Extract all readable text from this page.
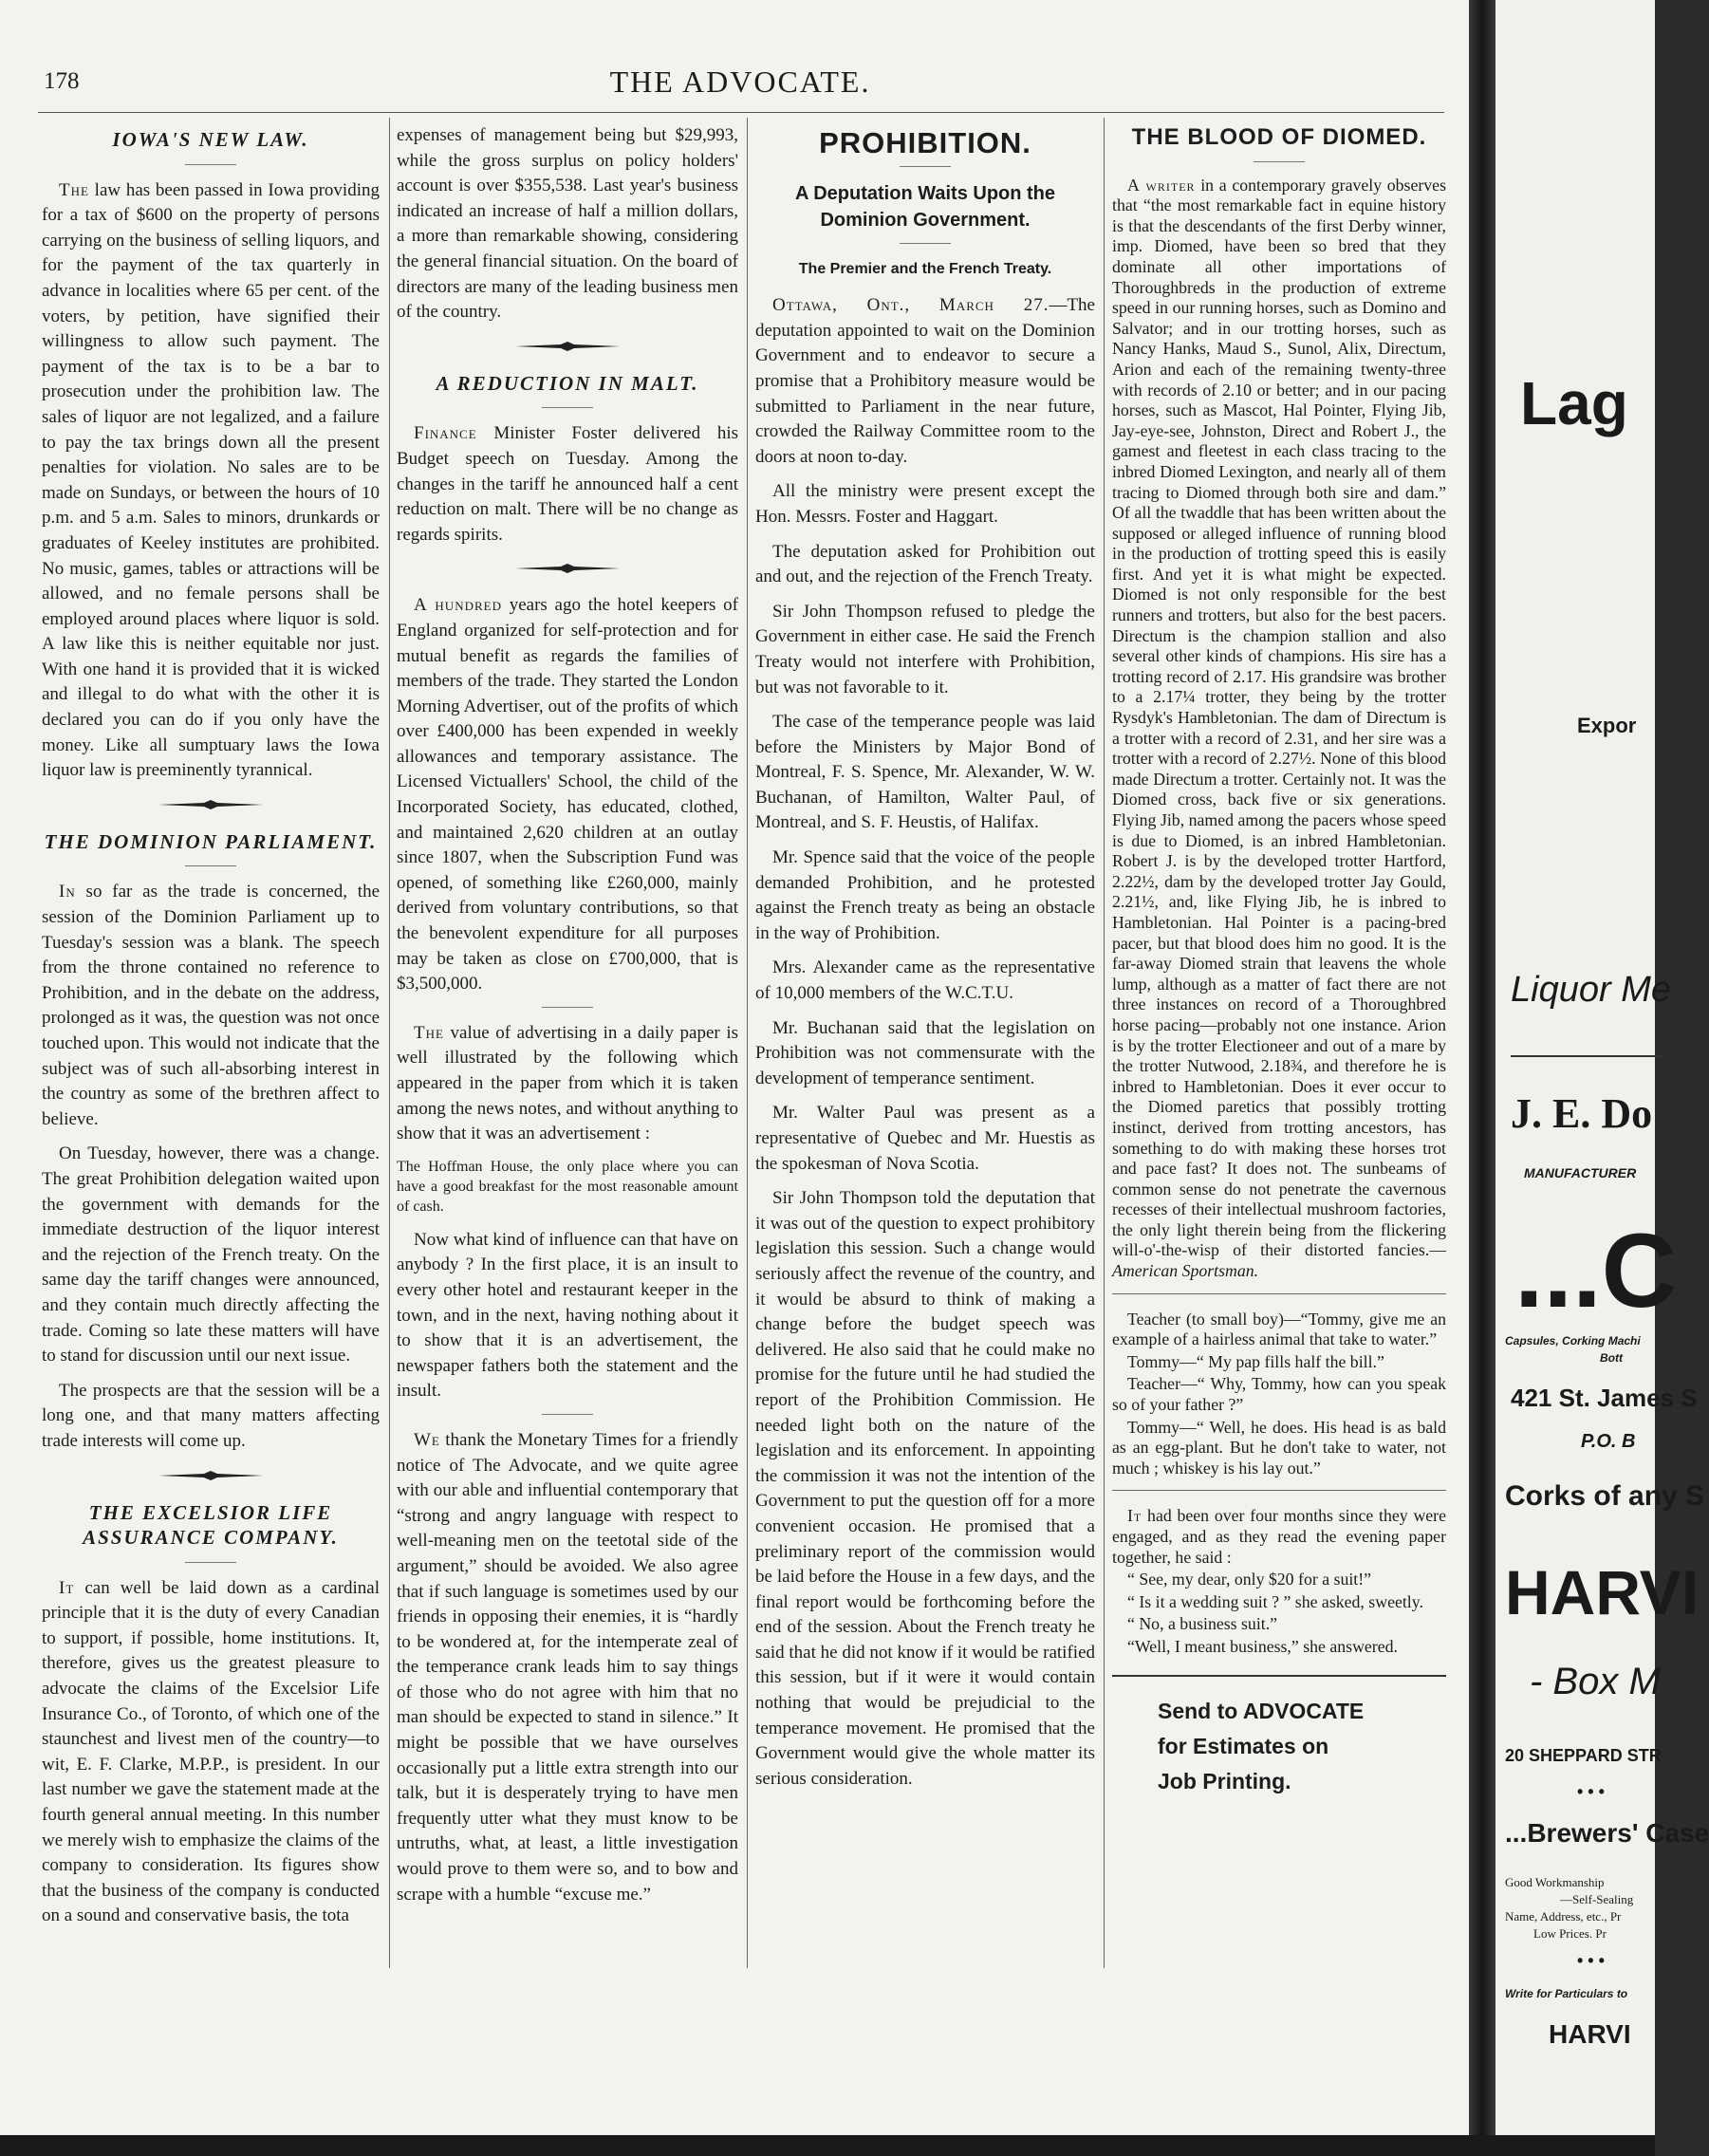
178	THE ADVOCATE.
IOWA'S NEW LAW.

The law has been passed in Iowa providing for a tax of $600 on the property of persons carrying on the business of selling liquors, and for the payment of the tax quarterly in advance in localities where 65 per cent. of the voters, by petition, have signified their willingness to allow such payment. The payment of the tax is to be a bar to prosecution under the prohibition law. The sales of liquor are not legalized, and a failure to pay the tax brings down all the present penalties for violation. No sales are to be made on Sundays, or between the hours of 10 p.m. and 5 a.m. Sales to minors, drunkards or graduates of Keeley institutes are prohibited. No music, games, tables or attractions will be allowed, and no female persons shall be employed around places where liquor is sold. A law like this is neither equitable nor just. With one hand it is provided that it is wicked and illegal to do what with the other it is declared you can do if you only have the money. Like all sumptuary laws the Iowa liquor law is preeminently tyrannical.

THE DOMINION PARLIAMENT.

In so far as the trade is concerned, the session of the Dominion Parliament up to Tuesday's session was a blank. The speech from the throne contained no reference to Prohibition, and in the debate on the address, prolonged as it was, the question was not once touched upon. This would not indicate that the subject was of such all-absorbing interest in the country as some of the brethren affect to believe.

On Tuesday, however, there was a change. The great Prohibition delegation waited upon the government with demands for the immediate destruction of the liquor interest and the rejection of the French treaty. On the same day the tariff changes were announced, and they contain much directly affecting the trade. Coming so late these matters will have to stand for discussion until our next issue.

The prospects are that the session will be a long one, and that many matters affecting trade interests will come up.

THE EXCELSIOR LIFE ASSURANCE COMPANY.

It can well be laid down as a cardinal principle that it is the duty of every Canadian to support, if possible, home institutions. It, therefore, gives us the greatest pleasure to advocate the claims of the Excelsior Life Insurance Co., of Toronto, of which one of the staunchest and livest men of the country—to wit, E. F. Clarke, M.P.P., is president. In our last number we gave the statement made at the fourth general annual meeting. In this number we merely wish to emphasize the claims of the company to consideration. Its figures show that the business of the company is conducted on a sound and conservative basis, the tota

expenses of management being but $29,993, while the gross surplus on policy holders' account is over $355,538. Last year's business indicated an increase of half a million dollars, a more than remarkable showing, considering the general financial situation. On the board of directors are many of the leading business men of the country.

A REDUCTION IN MALT.

Finance Minister Foster delivered his Budget speech on Tuesday. Among the changes in the tariff he announced half a cent reduction on malt. There will be no change as regards spirits.

A hundred years ago the hotel keepers of England organized for self-protection and for mutual benefit as regards the families of members of the trade. They started the London Morning Advertiser, out of the profits of which over £400,000 has been expended in weekly allowances and temporary assistance. The Licensed Victuallers' School, the child of the Incorporated Society, has educated, clothed, and maintained 2,620 children at an outlay since 1807, when the Subscription Fund was opened, of something like £260,000, mainly derived from voluntary contributions, so that the benevolent expenditure for all purposes may be taken as close on £700,000, that is $3,500,000.

The value of advertising in a daily paper is well illustrated by the following which appeared in the paper from which it is taken among the news notes, and without anything to show that it was an advertisement :

The Hoffman House, the only place where you can have a good breakfast for the most reasonable amount of cash.

Now what kind of influence can that have on anybody ? In the first place, it is an insult to every other hotel and restaurant keeper in the town, and in the next, having nothing about it to show that it is an advertisement, the newspaper fathers both the statement and the insult.

We thank the Monetary Times for a friendly notice of The Advocate, and we quite agree with our able and influential contemporary that “strong and angry language with respect to well-meaning men on the teetotal side of the argument,” should be avoided. We also agree that if such language is sometimes used by our friends in opposing their enemies, it is “hardly to be wondered at, for the intemperate zeal of the temperance crank leads him to say things of those who do not agree with him that no man should be expected to stand in silence.” It might be possible that we have ourselves occasionally put a little extra strength into our talk, but it is desperately trying to have men frequently utter what they must know to be untruths, what, at least, a little investigation would prove to them were so, and to bow and scrape with a humble “excuse me.”

PROHIBITION.
A Deputation Waits Upon the Dominion Government.
The Premier and the French Treaty.

Ottawa, Ont., March 27.—The deputation appointed to wait on the Dominion Government and to endeavor to secure a promise that a Prohibitory measure would be submitted to Parliament in the near future, crowded the Railway Committee room to the doors at noon to-day.

All the ministry were present except the Hon. Messrs. Foster and Haggart.

The deputation asked for Prohibition out and out, and the rejection of the French Treaty.

Sir John Thompson refused to pledge the Government in either case. He said the French Treaty would not interfere with Prohibition, but was not favorable to it.

The case of the temperance people was laid before the Ministers by Major Bond of Montreal, F. S. Spence, Mr. Alexander, W. W. Buchanan, of Hamilton, Walter Paul, of Montreal, and S. F. Heustis, of Halifax.

Mr. Spence said that the voice of the people demanded Prohibition, and he protested against the French treaty as being an obstacle in the way of Prohibition.

Mrs. Alexander came as the representative of 10,000 members of the W.C.T.U.

Mr. Buchanan said that the legislation on Prohibition was not commensurate with the development of temperance sentiment.

Mr. Walter Paul was present as a representative of Quebec and Mr. Huestis as the spokesman of Nova Scotia.

Sir John Thompson told the deputation that it was out of the question to expect prohibitory legislation this session. Such a change would seriously affect the revenue of the country, and it would be absurd to think of making a change before the budget speech was delivered. He also said that he could make no promise for the future until he had studied the report of the Prohibition Commission. He needed light both on the nature of the legislation and its enforcement. In appointing the commission it was not the intention of the Government to put the question off for a more convenient occasion. He promised that a preliminary report of the commission would be laid before the House in a few days, and the final report would be forthcoming before the end of the session. About the French treaty he said that he did not know if it would be ratified this session, but if it were it would contain nothing that would be prejudicial to the temperance movement. He promised that the Government would give the whole matter its serious consideration.

THE BLOOD OF DIOMED.

A writer in a contemporary gravely observes that “the most remarkable fact in equine history is that the descendants of the first Derby winner, imp. Diomed, have been so bred that they dominate all other importations of Thoroughbreds in the production of extreme speed in our running horses, such as Domino and Salvator; and in our trotting horses, such as Nancy Hanks, Maud S., Sunol, Alix, Directum, Arion and each of the remaining twenty-three with records of 2.10 or better; and in our pacing horses, such as Mascot, Hal Pointer, Flying Jib, Jay-eye-see, Johnston, Direct and Robert J., the gamest and fleetest in each class tracing to the inbred Diomed Lexington, and nearly all of them tracing to Diomed through both sire and dam.” Of all the twaddle that has been written about the supposed or alleged influence of running blood in the production of trotting speed this is easily first. And yet it is what might be expected. Diomed is not only responsible for the best runners and trotters, but also for the best pacers. Directum is the champion stallion and also several other kinds of champions. His sire has a trotting record of 2.17. His grandsire was brother to a 2.17¼ trotter, they being by the trotter Rysdyk's Hambletonian. The dam of Directum is a trotter with a record of 2.31, and her sire was a trotter with a record of 2.27½. None of this blood made Directum a trotter. Certainly not. It was the Diomed cross, back five or six generations. Flying Jib, named among the pacers whose speed is due to Diomed, is an inbred Hambletonian. Robert J. is by the developed trotter Hartford, 2.22½, dam by the developed trotter Jay Gould, 2.21½, and, like Flying Jib, he is inbred to Hambletonian. Hal Pointer is a pacing-bred pacer, but that blood does him no good. It is the far-away Diomed strain that leavens the whole lump, although as a matter of fact there are not three instances on record of a Thoroughbred horse pacing—probably not one instance. Arion is by the trotter Electioneer and out of a mare by the trotter Nutwood, 2.18¾, and therefore he is inbred to Hambletonian. Does it ever occur to the Diomed paretics that possibly trotting instinct, derived from trotting ancestors, has something to do with making these horses trot and pace fast? It does not. The sunbeams of common sense do not penetrate the cavernous recesses of their intellectual mushroom factories, the only light therein being from the flickering will-o'-the-wisp of their distorted fancies.—American Sportsman.

Teacher (to small boy)—“Tommy, give me an example of a hairless animal that take to water.”

Tommy—“ My pap fills half the bill.”

Teacher—“ Why, Tommy, how can you speak so of your father ?”

Tommy—“ Well, he does. His head is as bald as an egg-plant. But he don't take to water, not much ; whiskey is his lay out.”

It had been over four months since they were engaged, and as they read the evening paper together, he said :

“ See, my dear, only $20 for a suit!”

“ Is it a wedding suit ? ” she asked, sweetly.

“ No, a business suit.”

“Well, I meant business,” she answered.

Send to ADVOCATE
for Estimates on
Job Printing.
Lag
Expor
Liquor Me
J. E. Do
MANUFACTURER
...C
Capsules, Corking Machi
Bott
421 St. James S
P.O. B
Corks of any S
HARVI
- Box M
20 SHEPPARD STR
• • •
...Brewers' Case
Good Workmanship
—Self-Sealing
Name, Address, etc., Pr
Low Prices. Pr
• • •
Write for Particulars to
HARVI
